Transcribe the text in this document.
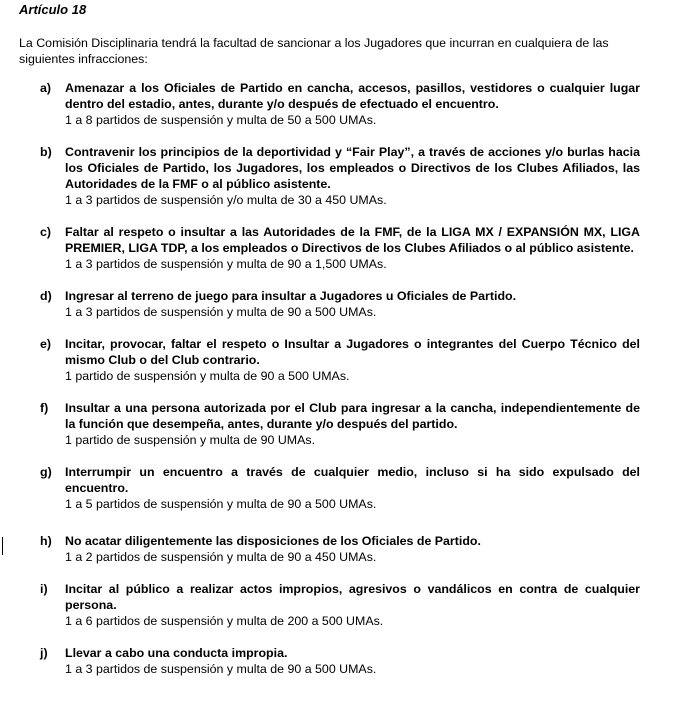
Artículo 18
La Comisión Disciplinaria tendrá la facultad de sancionar a los Jugadores que incurran en cualquiera de las siguientes infracciones:
a) Amenazar a los Oficiales de Partido en cancha, accesos, pasillos, vestidores o cualquier lugar dentro del estadio, antes, durante y/o después de efectuado el encuentro.
1 a 8 partidos de suspensión y multa de 50 a 500 UMAs.
b) Contravenir los principios de la deportividad y “Fair Play”, a través de acciones y/o burlas hacia los Oficiales de Partido, los Jugadores, los empleados o Directivos de los Clubes Afiliados, las Autoridades de la FMF o al público asistente.
1 a 3 partidos de suspensión y/o multa de 30 a 450 UMAs.
c) Faltar al respeto o insultar a las Autoridades de la FMF, de la LIGA MX / EXPANSIÓN MX, LIGA PREMIER, LIGA TDP, a los empleados o Directivos de los Clubes Afiliados o al público asistente.
1 a 3 partidos de suspensión y multa de 90 a 1,500 UMAs.
d) Ingresar al terreno de juego para insultar a Jugadores u Oficiales de Partido.
1 a 3 partidos de suspensión y multa de 90 a 500 UMAs.
e) Incitar, provocar, faltar el respeto o Insultar a Jugadores o integrantes del Cuerpo Técnico del mismo Club o del Club contrario.
1 partido de suspensión y multa de 90 a 500 UMAs.
f) Insultar a una persona autorizada por el Club para ingresar a la cancha, independientemente de la función que desempeña, antes, durante y/o después del partido.
1 partido de suspensión y multa de 90 UMAs.
g) Interrumpir un encuentro a través de cualquier medio, incluso si ha sido expulsado del encuentro.
1 a 5 partidos de suspensión y multa de 90 a 500 UMAs.
h) No acatar diligentemente las disposiciones de los Oficiales de Partido.
1 a 2 partidos de suspensión y multa de 90 a 450 UMAs.
i) Incitar al público a realizar actos impropios, agresivos o vandálicos en contra de cualquier persona.
1 a 6 partidos de suspensión y multa de 200 a 500 UMAs.
j) Llevar a cabo una conducta impropia.
1 a 3 partidos de suspensión y multa de 90 a 500 UMAs.
